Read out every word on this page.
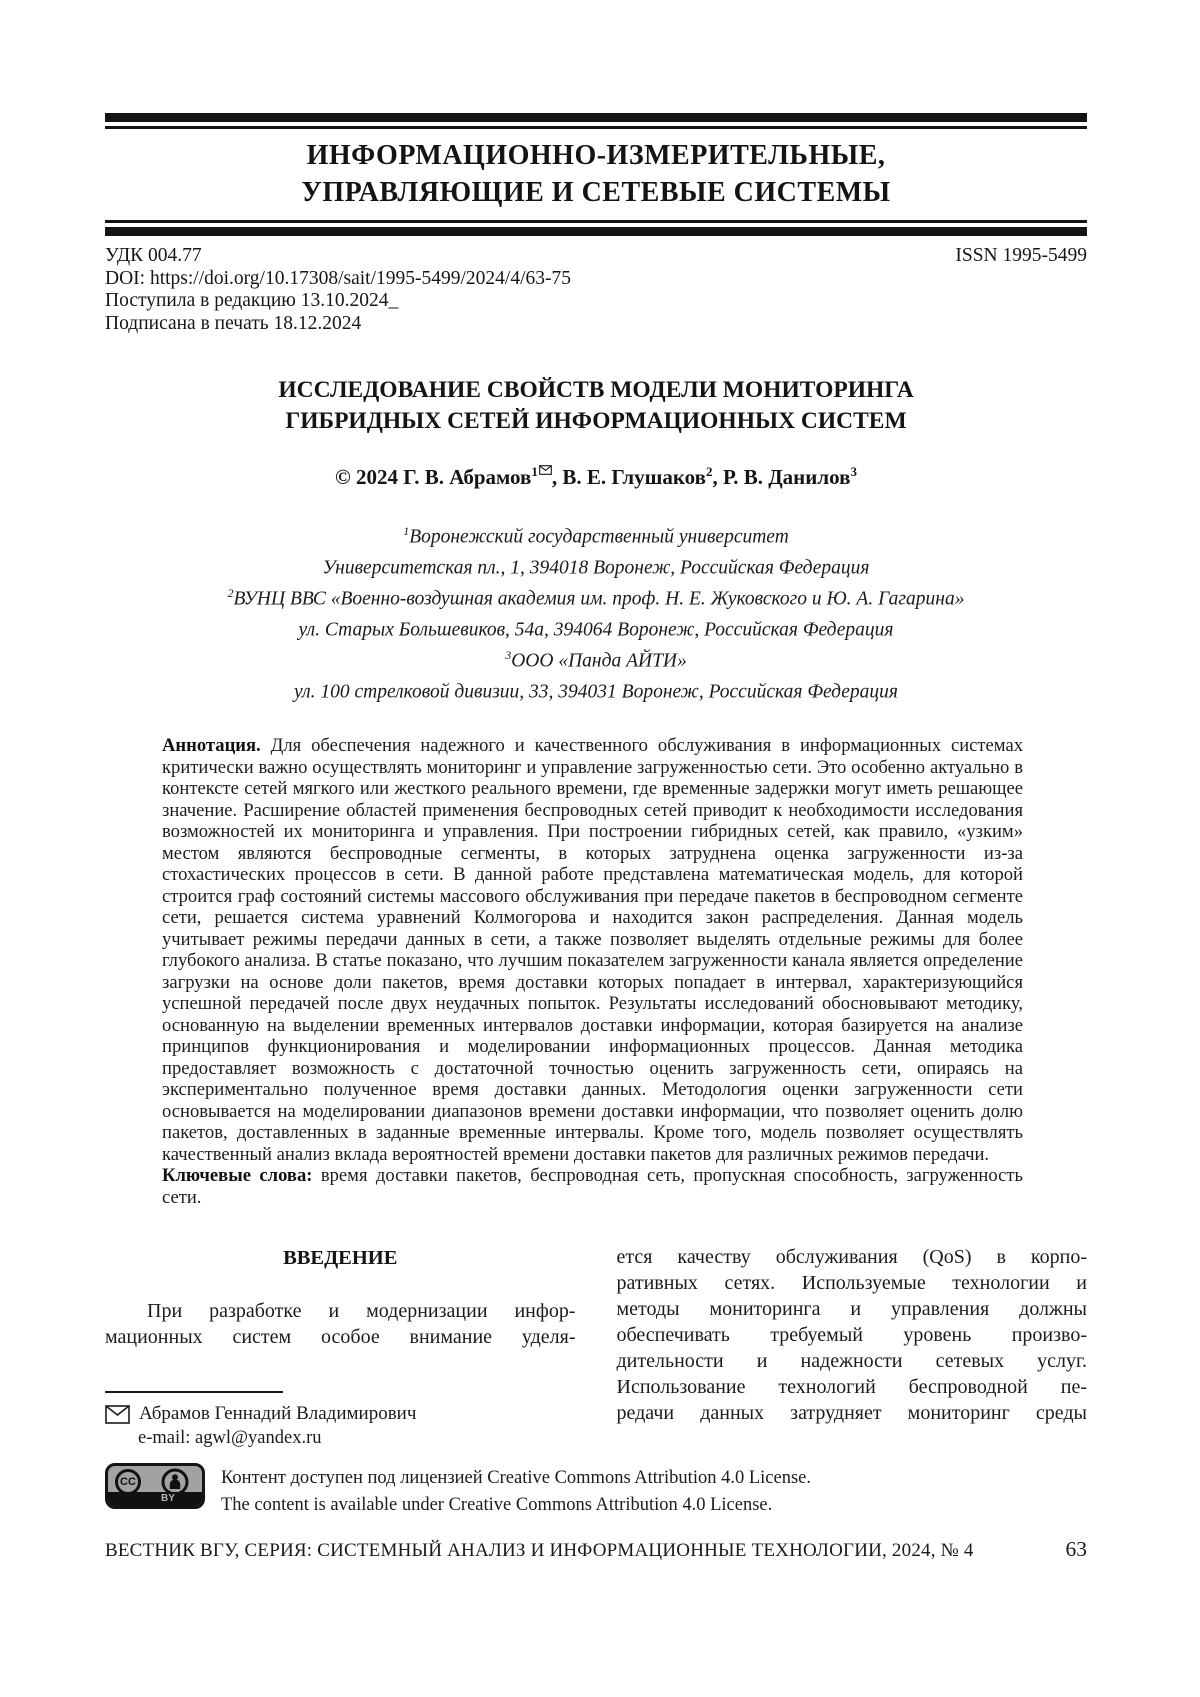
ИНФОРМАЦИОННО-ИЗМЕРИТЕЛЬНЫЕ,
УПРАВЛЯЮЩИЕ И СЕТЕВЫЕ СИСТЕМЫ
УДК 004.77	ISSN 1995-5499
DOI: https://doi.org/10.17308/sait/1995-5499/2024/4/63-75
Поступила в редакцию 13.10.2024_
Подписана в печать 18.12.2024
ИССЛЕДОВАНИЕ СВОЙСТВ МОДЕЛИ МОНИТОРИНГА
ГИБРИДНЫХ СЕТЕЙ ИНФОРМАЦИОННЫХ СИСТЕМ
© 2024 Г. В. Абрамов$^1$ , В. Е. Глушаков$^2$, Р. В. Данилов$^3$
$^1$Воронежский государственный университет
Университетская пл., 1, 394018 Воронеж, Российская Федерация
$^2$ВУНЦ ВВС «Военно-воздушная академия им. проф. Н. Е. Жуковского и Ю. А. Гагарина»
ул. Старых Большевиков, 54а, 394064 Воронеж, Российская Федерация
$^3$ООО «Панда АЙТИ»
ул. 100 стрелковой дивизии, 33, 394031 Воронеж, Российская Федерация

Аннотация. Для обеспечения надежного и качественного обслуживания в информационных системах критически важно осуществлять мониторинг и управление загруженностью сети. Это особенно актуально в контексте сетей мягкого или жесткого реального времени, где временные задержки могут иметь решающее значение. Расширение областей применения беспроводных сетей приводит к необходимости исследования возможностей их мониторинга и управления. При построении гибридных сетей, как правило, «узким» местом являются беспроводные сегменты, в которых затруднена оценка загруженности из-за стохастических процессов в сети. В данной работе представлена математическая модель, для которой строится граф состояний системы массового обслуживания при передаче пакетов в беспроводном сегменте сети, решается система уравнений Колмогорова и находится закон распределения. Данная модель учитывает режимы передачи данных в сети, а также позволяет выделять отдельные режимы для более глубокого анализа. В статье показано, что лучшим показателем загруженности канала является определение загрузки на основе доли пакетов, время доставки которых попадает в интервал, характеризующийся успешной передачей после двух неудачных попыток. Результаты исследований обосновывают методику, основанную на выделении временных интервалов доставки информации, которая базируется на анализе принципов функционирования и моделировании информационных процессов. Данная методика предоставляет возможность с достаточной точностью оценить загруженность сети, опираясь на экспериментально полученное время доставки данных. Методология оценки загруженности сети основывается на моделировании диапазонов времени доставки информации, что позволяет оценить долю пакетов, доставленных в заданные временные интервалы. Кроме того, модель позволяет осуществлять качественный анализ вклада вероятностей времени доставки пакетов для различных режимов передачи.

Ключевые слова: время доставки пакетов, беспроводная сеть, пропускная способность, загруженность сети.

ВВЕДЕНИЕ
При разработке и модернизации инфор-
мационных систем особое внимание уделя-
Абрамов Геннадий Владимирович
e-mail: agwl@yandex.ru
ется качеству обслуживания (QoS) в корпо-
ративных сетях. Используемые технологии и
методы мониторинга и управления должны
обеспечивать требуемый уровень произво-
дительности и надежности сетевых услуг.
Использование технологий беспроводной пе-
редачи данных затрудняет мониторинг среды
CC
BY
Контент доступен под лицензией Creative Commons Attribution 4.0 License.
The content is available under Creative Commons Attribution 4.0 License.
ВЕСТНИК ВГУ, СЕРИЯ: СИСТЕМНЫЙ АНАЛИЗ И ИНФОРМАЦИОННЫЕ ТЕХНОЛОГИИ, 2024, № 4	63
